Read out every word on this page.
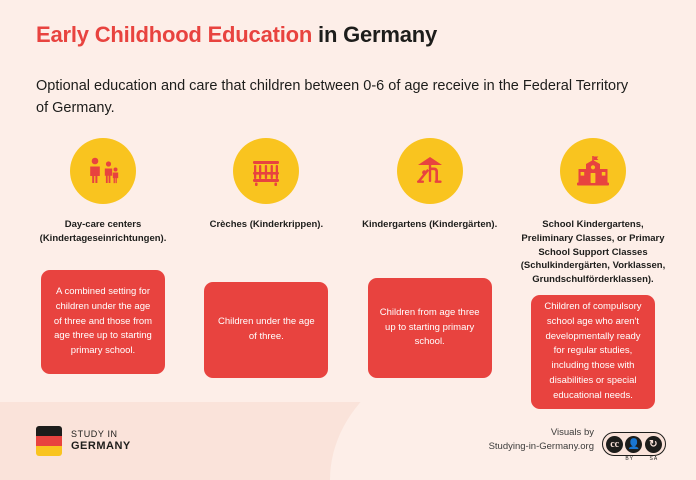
Early Childhood Education in Germany
Optional education and care that children between 0-6 of age receive in the Federal Territory of Germany.
Day-care centers (Kindertageseinrichtungen).
A combined setting for children under the age of three and those from age three up to starting primary school.
Crèches (Kinderkrippen).
Children under the age of three.
Kindergartens (Kindergärten).
Children from age three up to starting primary school.
School Kindergartens, Preliminary Classes, or Primary School Support Classes (Schulkindergärten, Vorklassen, Grundschulförderklassen).
Children of compulsory school age who aren't developmentally ready for regular studies, including those with disabilities or special educational needs.
STUDY IN
GERMANY
Visuals by
Studying-in-Germany.org	cc 👤 ↻
BY	SA
